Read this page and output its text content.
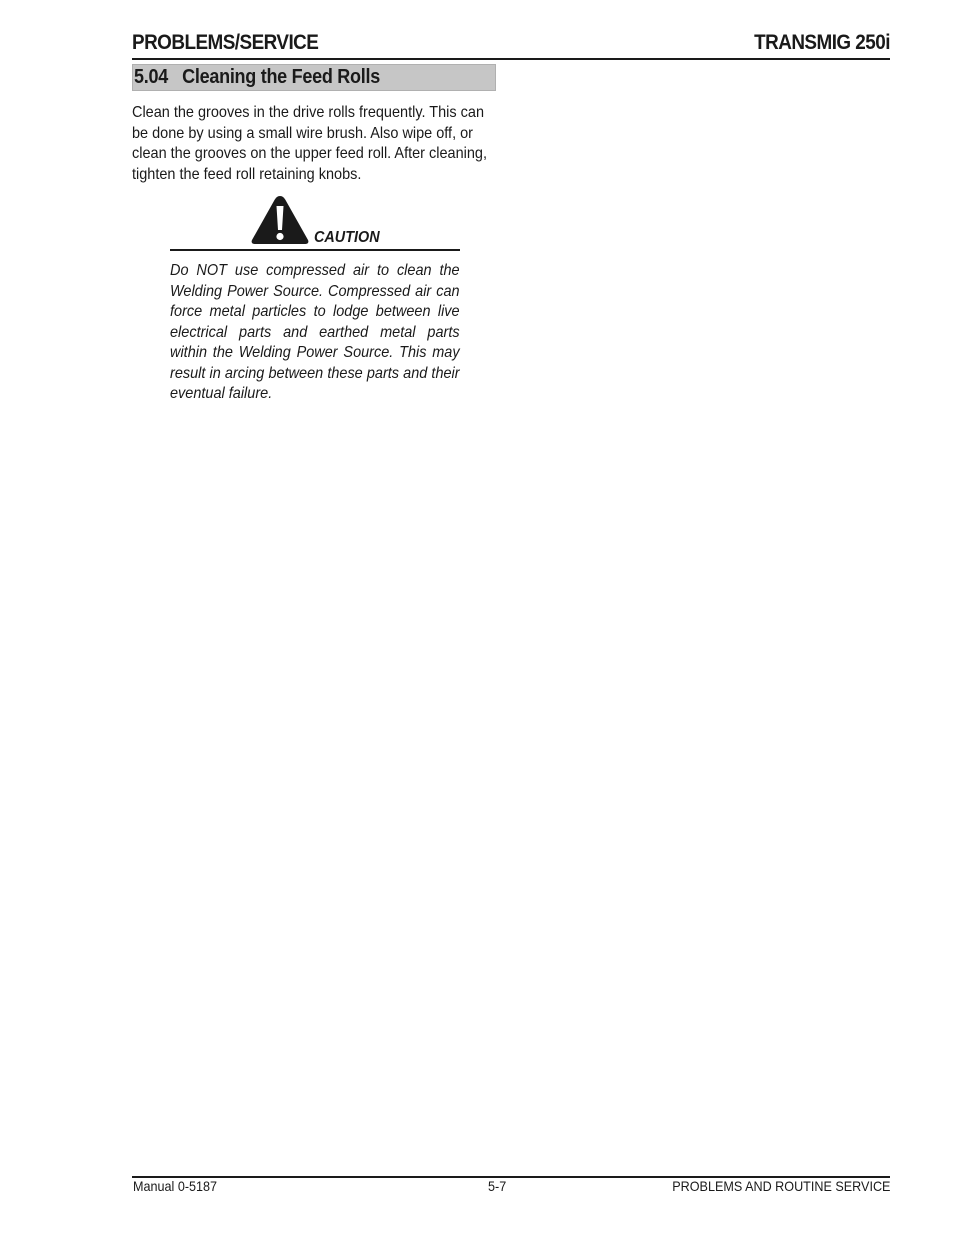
PROBLEMS/SERVICE	TRANSMIG 250i
5.04   Cleaning the Feed Rolls

Clean the grooves in the drive rolls frequently. This can be done by using a small wire brush. Also wipe off, or clean the grooves on the upper feed roll. After cleaning, tighten the feed roll retaining knobs.

CAUTION

Do NOT use compressed air to clean the Welding Power Source. Compressed air can force metal particles to lodge between live electrical parts and earthed metal parts within the Welding Power Source. This may result in arcing between these parts and their eventual failure.

Manual 0-5187	5-7	PROBLEMS AND ROUTINE SERVICE
